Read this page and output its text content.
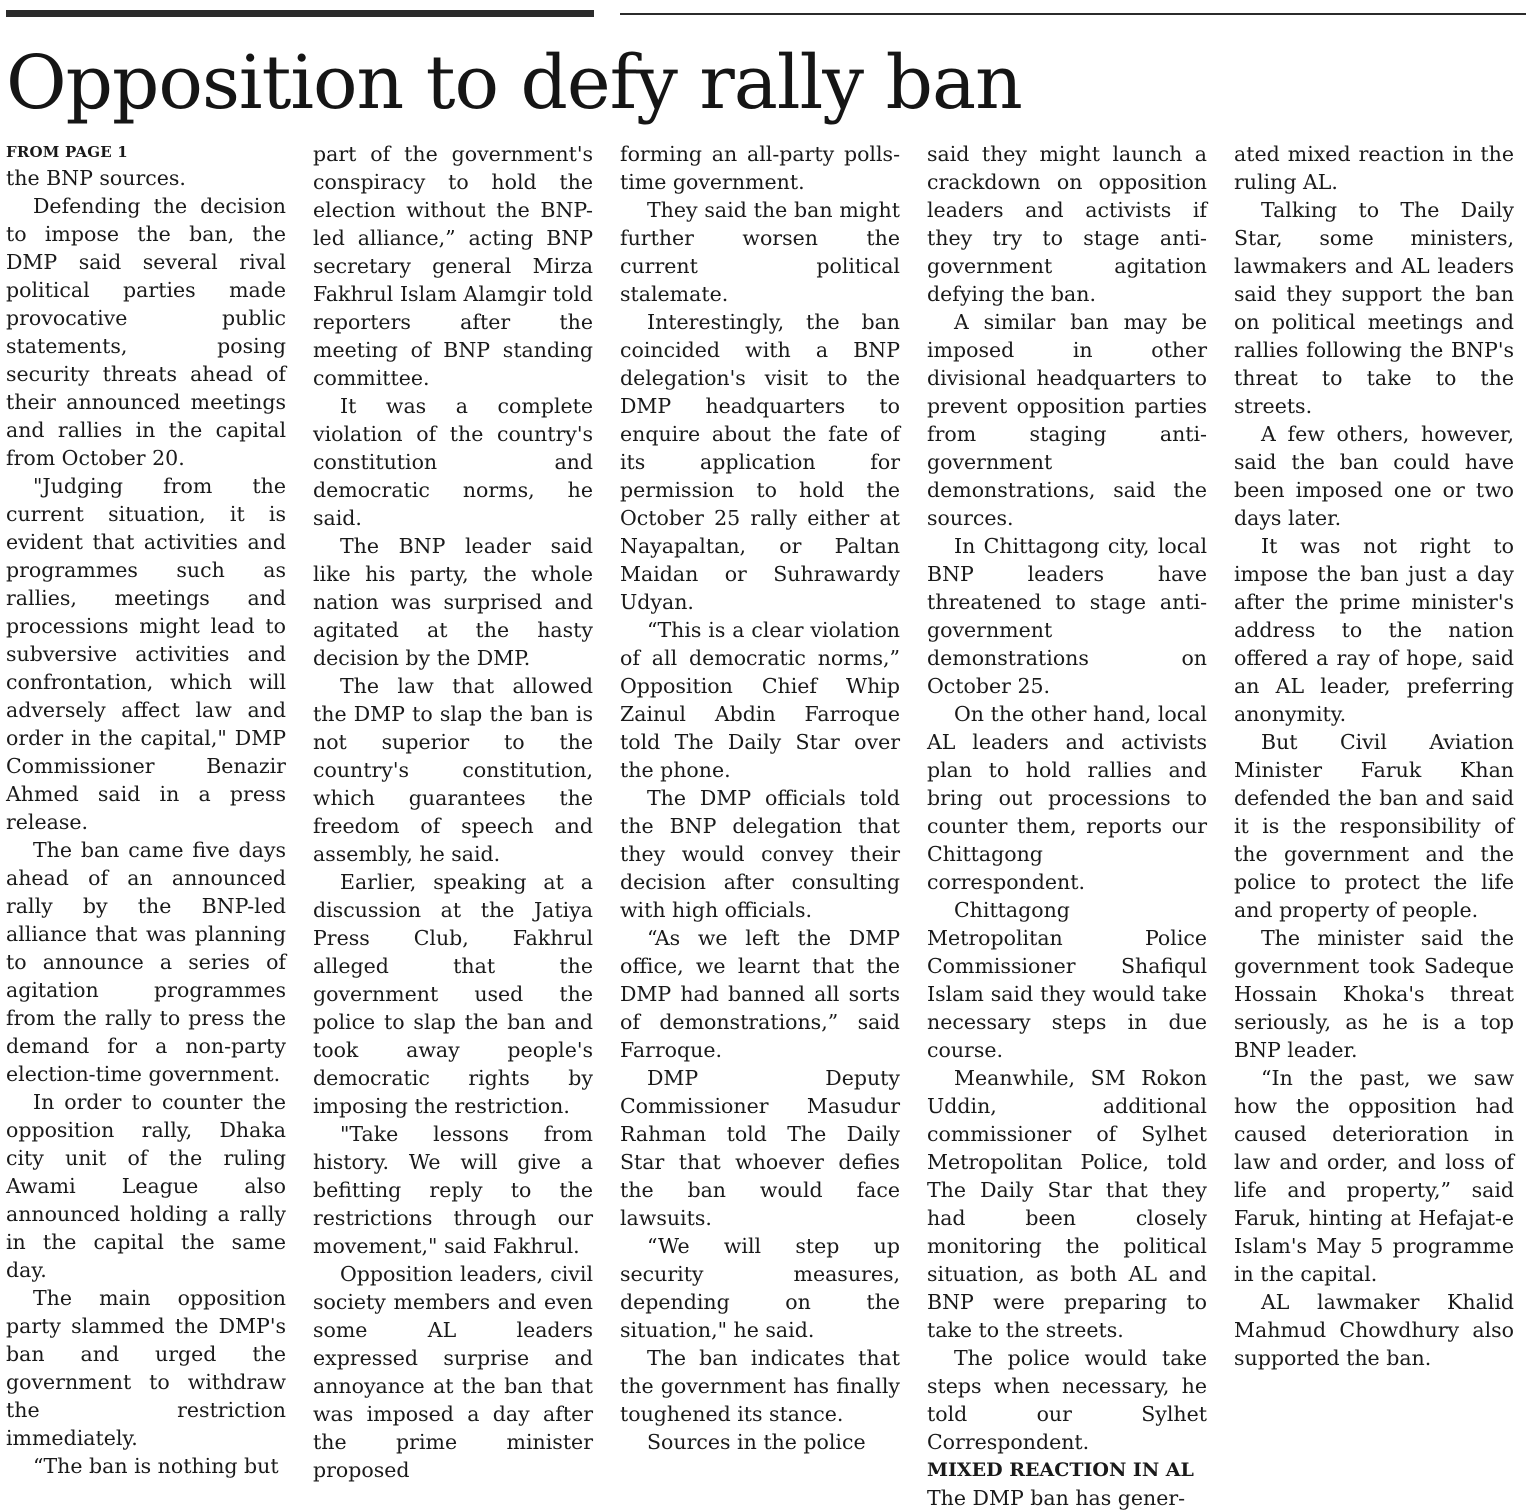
Opposition to defy rally ban
FROM PAGE 1

the BNP sources.

Defending the decision to impose the ban, the DMP said several rival political parties made provocative public statements, posing security threats ahead of their announced meetings and rallies in the capital from October 20.

"Judging from the current situation, it is evident that activities and programmes such as rallies, meetings and processions might lead to subversive activities and confrontation, which will adversely affect law and order in the capital," DMP Commissioner Benazir Ahmed said in a press release.

The ban came five days ahead of an announced rally by the BNP-led alliance that was planning to announce a series of agitation programmes from the rally to press the demand for a non-party election-time government.

In order to counter the opposition rally, Dhaka city unit of the ruling Awami League also announced holding a rally in the capital the same day.

The main opposition party slammed the DMP's ban and urged the government to withdraw the restriction immediately.

“The ban is nothing but

part of the government's conspiracy to hold the election without the BNP-led alliance,” acting BNP secretary general Mirza Fakhrul Islam Alamgir told reporters after the meeting of BNP standing committee.

It was a complete violation of the country's constitution and democratic norms, he said.

The BNP leader said like his party, the whole nation was surprised and agitated at the hasty decision by the DMP.

The law that allowed the DMP to slap the ban is not superior to the country's constitution, which guarantees the freedom of speech and assembly, he said.

Earlier, speaking at a discussion at the Jatiya Press Club, Fakhrul alleged that the government used the police to slap the ban and took away people's democratic rights by imposing the restriction.

"Take lessons from history. We will give a befitting reply to the restrictions through our movement," said Fakhrul.

Opposition leaders, civil society members and even some AL leaders expressed surprise and annoyance at the ban that was imposed a day after the prime minister proposed

forming an all-party polls-time government.

They said the ban might further worsen the current political stalemate.

Interestingly, the ban coincided with a BNP delegation's visit to the DMP headquarters to enquire about the fate of its application for permission to hold the October 25 rally either at Nayapaltan, or Paltan Maidan or Suhrawardy Udyan.

“This is a clear violation of all democratic norms,” Opposition Chief Whip Zainul Abdin Farroque told The Daily Star over the phone.

The DMP officials told the BNP delegation that they would convey their decision after consulting with high officials.

“As we left the DMP office, we learnt that the DMP had banned all sorts of demonstrations,” said Farroque.

DMP Deputy Commissioner Masudur Rahman told The Daily Star that whoever defies the ban would face lawsuits.

“We will step up security measures, depending on the situation," he said.

The ban indicates that the government has finally toughened its stance.

Sources in the police

said they might launch a crackdown on opposition leaders and activists if they try to stage anti-government agitation defying the ban.

A similar ban may be imposed in other divisional headquarters to prevent opposition parties from staging anti-government demonstrations, said the sources.

In Chittagong city, local BNP leaders have threatened to stage anti-government demonstrations on October 25.

On the other hand, local AL leaders and activists plan to hold rallies and bring out processions to counter them, reports our Chittagong correspondent.

Chittagong Metropolitan Police Commissioner Shafiqul Islam said they would take necessary steps in due course.

Meanwhile, SM Rokon Uddin, additional commissioner of Sylhet Metropolitan Police, told The Daily Star that they had been closely monitoring the political situation, as both AL and BNP were preparing to take to the streets.

The police would take steps when necessary, he told our Sylhet Correspondent.

MIXED REACTION IN AL

The DMP ban has gener-

ated mixed reaction in the ruling AL.

Talking to The Daily Star, some ministers, lawmakers and AL leaders said they support the ban on political meetings and rallies following the BNP's threat to take to the streets.

A few others, however, said the ban could have been imposed one or two days later.

It was not right to impose the ban just a day after the prime minister's address to the nation offered a ray of hope, said an AL leader, preferring anonymity.

But Civil Aviation Minister Faruk Khan defended the ban and said it is the responsibility of the government and the police to protect the life and property of people.

The minister said the government took Sadeque Hossain Khoka's threat seriously, as he is a top BNP leader.

“In the past, we saw how the opposition had caused deterioration in law and order, and loss of life and property,” said Faruk, hinting at Hefajat-e Islam's May 5 programme in the capital.

AL lawmaker Khalid Mahmud Chowdhury also supported the ban.
